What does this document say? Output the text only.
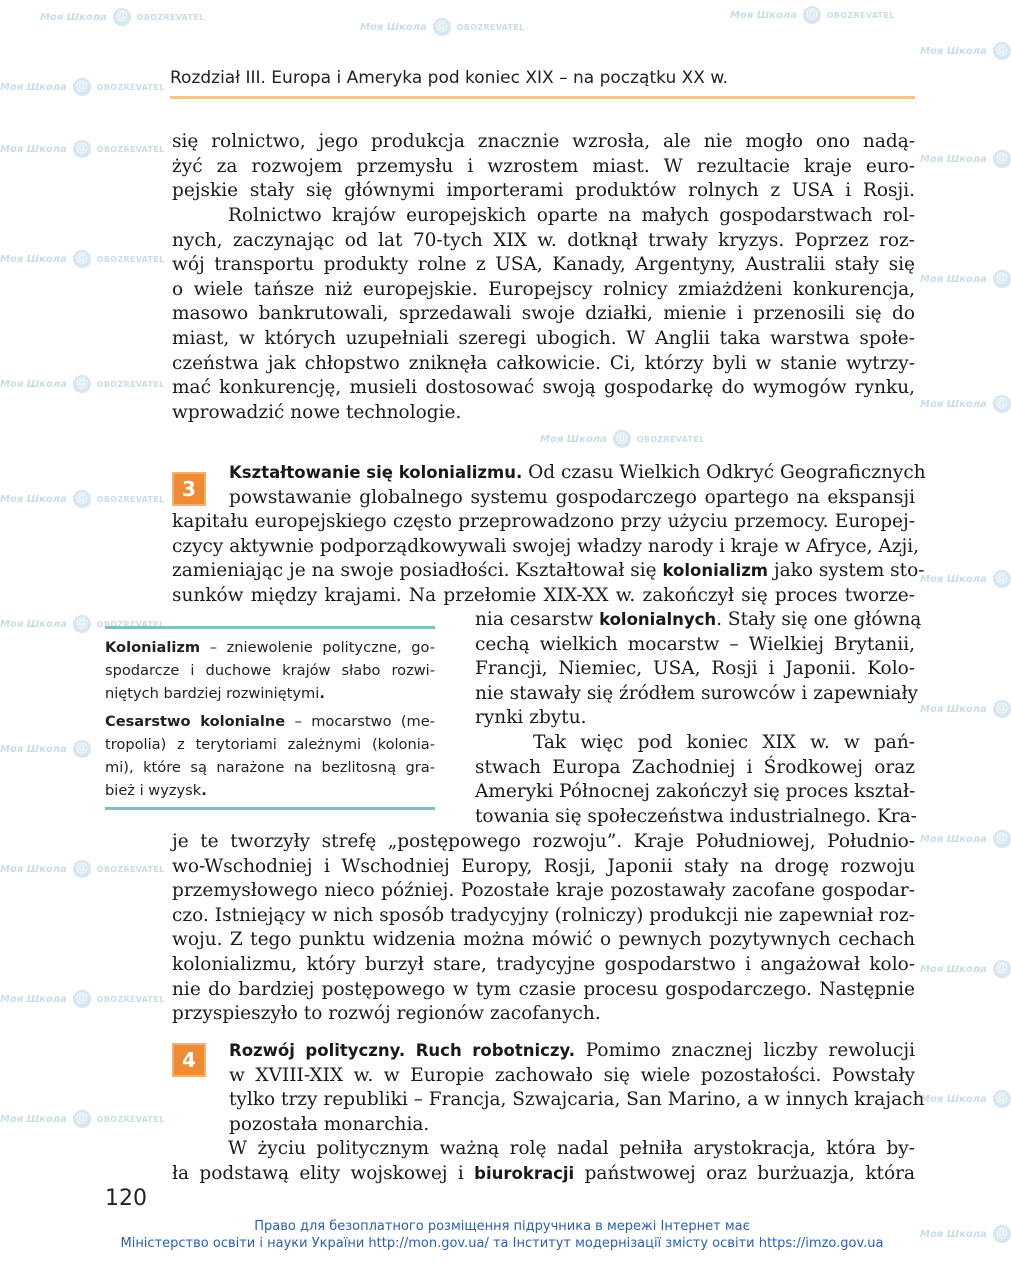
Моя Школа Ⓖ	OBOZREVATEL
Моя Школа Ⓖ	OBOZREVATEL
Моя Школа Ⓖ	OBOZREVATEL
Моя Школа Ⓖ	OBOZREVATEL
Моя Школа Ⓖ
Моя Школа Ⓖ	OBOZREVATEL
Моя Школа Ⓖ
Моя Школа Ⓖ	OBOZREVATEL
Моя Школа Ⓖ
Моя Школа Ⓖ	OBOZREVATEL
Моя Школа Ⓖ
Моя Школа Ⓖ	OBOZREVATEL
Моя Школа Ⓖ	OBOZREVATEL
Моя Школа Ⓖ
Моя Школа Ⓖ	OBOZREVATEL
Моя Школа Ⓖ
Моя Школа Ⓖ
Моя Школа Ⓖ
Моя Школа Ⓖ	OBOZREVATEL
Моя Школа Ⓖ
Моя Школа Ⓖ	OBOZREVATEL
Моя Школа Ⓖ
Моя Школа Ⓖ	OBOZREVATEL
Моя Школа Ⓖ
Rozdział III. Europa i Ameryka pod koniec XIX – na początku XX w.
się rolnictwo, jego produkcja znacznie wzrosła, ale nie mogło ono nadą-
żyć za rozwojem przemysłu i wzrostem miast. W rezultacie kraje euro-
pejskie stały się głównymi importerami produktów rolnych z USA i Rosji.
Rolnictwo krajów europejskich oparte na małych gospodarstwach rol-
nych, zaczynając od lat 70-tych XIX w. dotknął trwały kryzys. Poprzez roz-
wój transportu produkty rolne z USA, Kanady, Argentyny, Australii stały się
o wiele tańsze niż europejskie. Europejscy rolnicy zmiażdżeni konkurencja,
masowo bankrutowali, sprzedawali swoje działki, mienie i przenosili się do
miast, w których uzupełniali szeregi ubogich. W Anglii taka warstwa społe-
czeństwa jak chłopstwo zniknęła całkowicie. Ci, którzy byli w stanie wytrzy-
mać konkurencję, musieli dostosować swoją gospodarkę do wymogów rynku,
wprowadzić nowe technologie.
3
Kształtowanie się kolonializmu. Od czasu Wielkich Odkryć Geograficznych
powstawanie globalnego systemu gospodarczego opartego na ekspansji
kapitału europejskiego często przeprowadzono przy użyciu przemocy. Europej-
czycy aktywnie podporządkowywali swojej władzy narody i kraje w Afryce, Azji,
zamieniając je na swoje posiadłości. Kształtował się kolonializm jako system sto-
sunków między krajami. Na przełomie XIX-XX w. zakończył się proces tworze-
nia cesarstw kolonialnych. Stały się one główną
cechą wielkich mocarstw – Wielkiej Brytanii,
Francji, Niemiec, USA, Rosji i Japonii. Kolo-
nie stawały się źródłem surowców i zapewniały
rynki zbytu.
Tak więc pod koniec XIX w. w pań-
stwach Europa Zachodniej i Środkowej oraz
Ameryki Północnej zakończył się proces kształ-
towania się społeczeństwa industrialnego. Kra-

Kolonializm – zniewolenie polityczne, go-
spodarcze i duchowe krajów słabo rozwi-
niętych bardziej rozwiniętymi.

Cesarstwo kolonialne – mocarstwo (me-
tropolia) z terytoriami zależnymi (kolonia-
mi), które są narażone na bezlitosną gra-
bież i wyzysk.

je te tworzyły strefę „postępowego rozwoju”. Kraje Południowej, Południo-
wo-Wschodniej i Wschodniej Europy, Rosji, Japonii stały na drogę rozwoju
przemysłowego nieco później. Pozostałe kraje pozostawały zacofane gospodar-
czo. Istniejący w nich sposób tradycyjny (rolniczy) produkcji nie zapewniał roz-
woju. Z tego punktu widzenia można mówić o pewnych pozytywnych cechach
kolonializmu, który burzył stare, tradycyjne gospodarstwo i angażował kolo-
nie do bardziej postępowego w tym czasie procesu gospodarczego. Następnie
przyspieszyło to rozwój regionów zacofanych.
4	Rozwój polityczny. Ruch robotniczy. Pomimo znacznej liczby rewolucji
w XVIII-XIX w. w Europie zachowało się wiele pozostałości. Powstały
tylko trzy republiki – Francja, Szwajcaria, San Marino, a w innych krajach
pozostała monarchia.
W życiu politycznym ważną rolę nadal pełniła arystokracja, która by-
ła podstawą elity wojskowej i biurokracji państwowej oraz burżuazja, która
120
Право для безоплатного розміщення підручника в мережі Інтернет має
Міністерство освіти і науки України http://mon.gov.ua/ та Інститут модернізації змісту освіти https://imzo.gov.ua
